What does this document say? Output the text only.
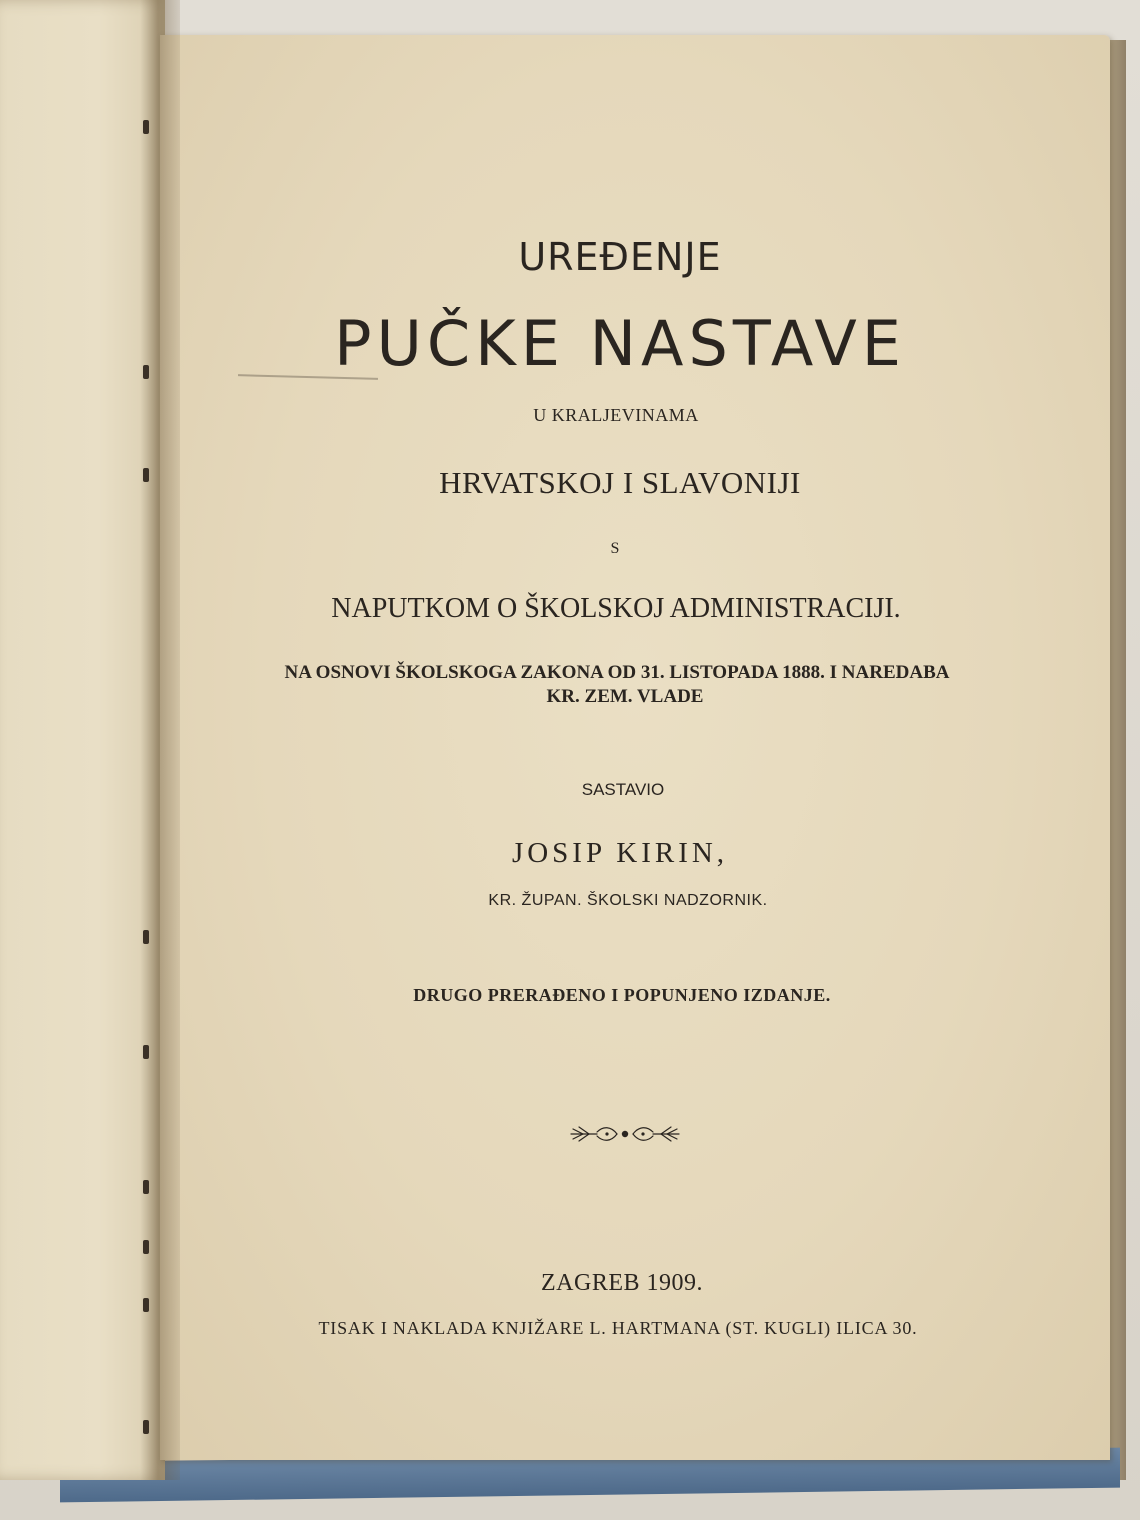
UREĐENJE
PUČKE NASTAVE
U KRALJEVINAMA
HRVATSKOJ I SLAVONIJI
S
NAPUTKOM O ŠKOLSKOJ ADMINISTRACIJI.
NA OSNOVI ŠKOLSKOGA ZAKONA OD 31. LISTOPADA 1888. I NAREDABA
KR. ZEM. VLADE
SASTAVIO
JOSIP KIRIN,
KR. ŽUPAN. ŠKOLSKI NADZORNIK.
DRUGO PRERAĐENO I POPUNJENO IZDANJE.
ZAGREB 1909.
TISAK I NAKLADA KNJIŽARE L. HARTMANA (ST. KUGLI) ILICA 30.
